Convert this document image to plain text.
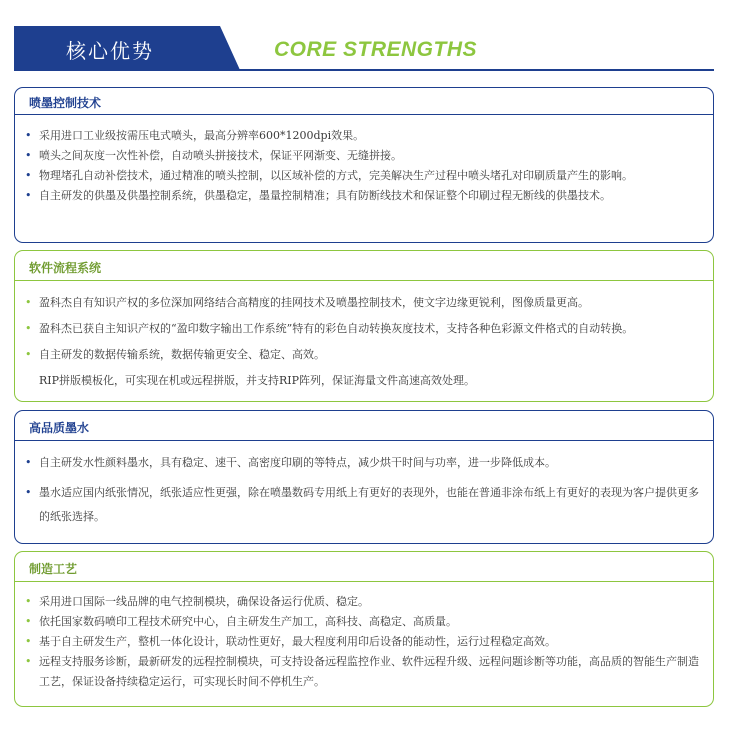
核心优势	CORE STRENGTHS
喷墨控制技术
• 采用进口工业级按需压电式喷头，最高分辨率600*1200dpi效果。
• 喷头之间灰度一次性补偿，自动喷头拼接技术，保证平网渐变、无缝拼接。
• 物理堵孔自动补偿技术，通过精准的喷头控制，以区域补偿的方式，完美解决生产过程中喷头堵孔对印刷质量产生的影响。
• 自主研发的供墨及供墨控制系统，供墨稳定，墨量控制精准；具有防断线技术和保证整个印刷过程无断线的供墨技术。
软件流程系统
• 盈科杰自有知识产权的多位深加网络结合高精度的挂网技术及喷墨控制技术，使文字边缘更锐利，图像质量更高。
• 盈科杰已获自主知识产权的“盈印数字输出工作系统”特有的彩色自动转换灰度技术，支持各种色彩源文件格式的自动转换。
• 自主研发的数据传输系统，数据传输更安全、稳定、高效。
RIP拼版模板化，可实现在机或远程拼版，并支持RIP阵列，保证海量文件高速高效处理。
高品质墨水
• 自主研发水性颜料墨水，具有稳定、速干、高密度印刷的等特点，减少烘干时间与功率，进一步降低成本。
• 墨水适应国内纸张情况，纸张适应性更强，除在喷墨数码专用纸上有更好的表现外，也能在普通非涂布纸上有更好的表现为客户提供更多的纸张选择。
制造工艺
• 采用进口国际一线品牌的电气控制模块，确保设备运行优质、稳定。
• 依托国家数码喷印工程技术研究中心，自主研发生产加工，高科技、高稳定、高质量。
• 基于自主研发生产，整机一体化设计，联动性更好，最大程度利用印后设备的能动性，运行过程稳定高效。
• 远程支持服务诊断，最新研发的远程控制模块，可支持设备远程监控作业、软件远程升级、远程问题诊断等功能，高品质的智能生产制造工艺，保证设备持续稳定运行，可实现长时间不停机生产。
